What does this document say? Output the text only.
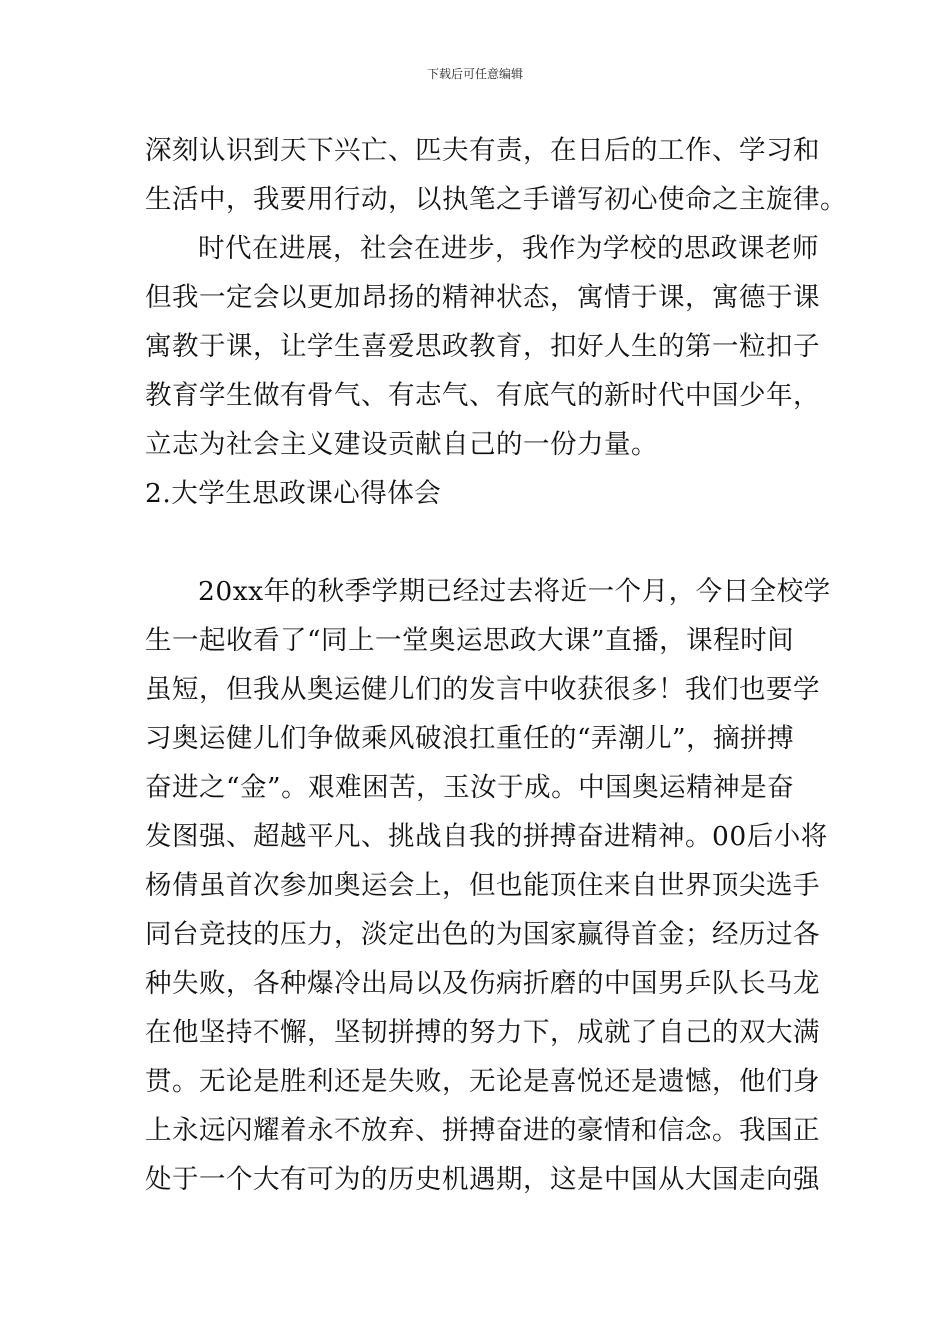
下载后可任意编辑
深刻认识到天下兴亡、匹夫有责，在日后的工作、学习和
生活中，我要用行动，以执笔之手谱写初心使命之主旋律。
时代在进展，社会在进步，我作为学校的思政课老师
但我一定会以更加昂扬的精神状态，寓情于课，寓德于课
寓教于课，让学生喜爱思政教育，扣好人生的第一粒扣子
教育学生做有骨气、有志气、有底气的新时代中国少年，
立志为社会主义建设贡献自己的一份力量。
2.大学生思政课心得体会
20xx年的秋季学期已经过去将近一个月，今日全校学
生一起收看了“同上一堂奥运思政大课”直播，课程时间
虽短，但我从奥运健儿们的发言中收获很多！我们也要学
习奥运健儿们争做乘风破浪扛重任的“弄潮儿”，摘拼搏
奋进之“金”。艰难困苦，玉汝于成。中国奥运精神是奋
发图强、超越平凡、挑战自我的拼搏奋进精神。00后小将
杨倩虽首次参加奥运会上，但也能顶住来自世界顶尖选手
同台竞技的压力，淡定出色的为国家赢得首金；经历过各
种失败，各种爆冷出局以及伤病折磨的中国男乒队长马龙
在他坚持不懈，坚韧拼搏的努力下，成就了自己的双大满
贯。无论是胜利还是失败，无论是喜悦还是遗憾，他们身
上永远闪耀着永不放弃、拼搏奋进的豪情和信念。我国正
处于一个大有可为的历史机遇期，这是中国从大国走向强
